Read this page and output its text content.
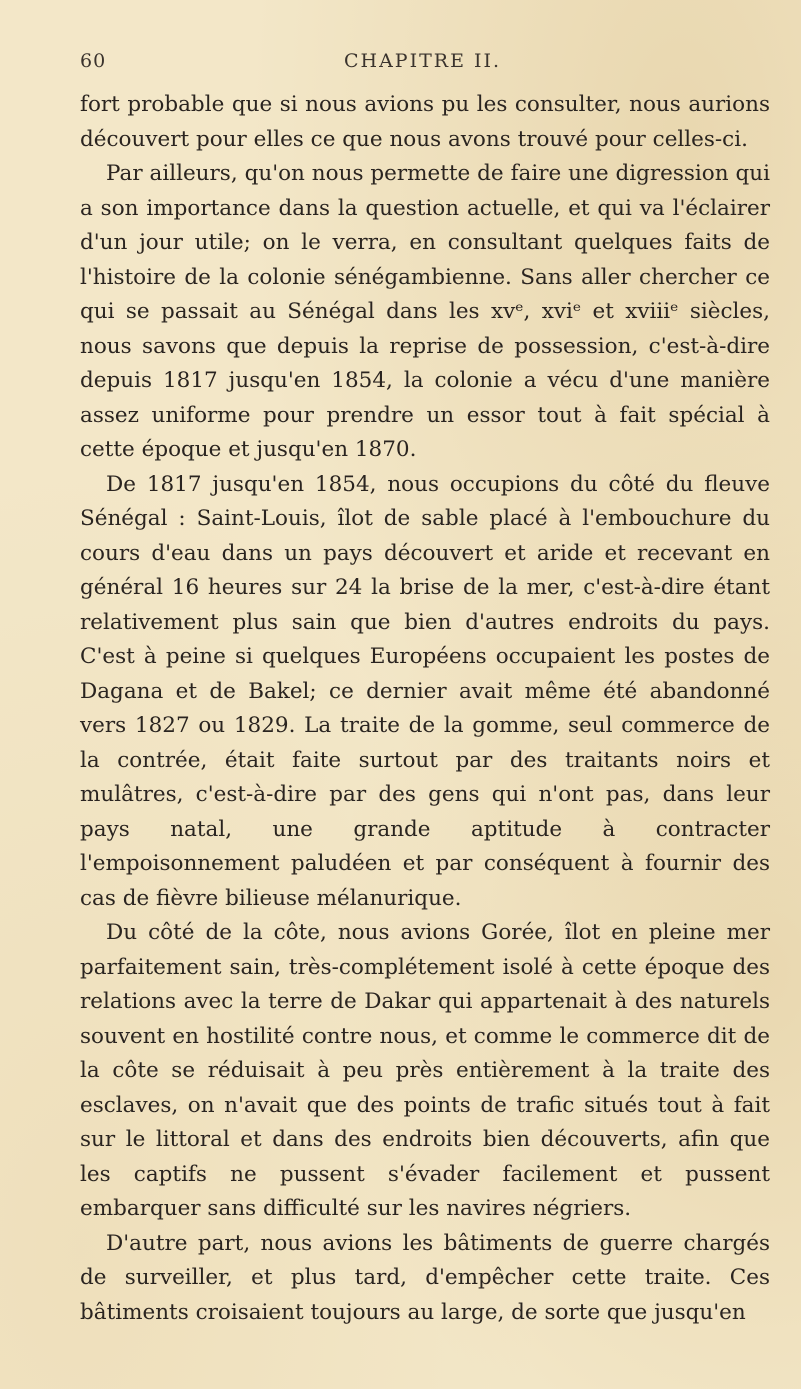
60	CHAPITRE II.

fort probable que si nous avions pu les consulter, nous aurions découvert pour elles ce que nous avons trouvé pour celles-ci.

Par ailleurs, qu'on nous permette de faire une digression qui a son importance dans la question actuelle, et qui va l'éclairer d'un jour utile; on le verra, en consultant quelques faits de l'histoire de la colonie sénégambienne. Sans aller chercher ce qui se passait au Sénégal dans les xvᵉ, xviᵉ et xviiiᵉ siècles, nous savons que depuis la reprise de possession, c'est-à-dire depuis 1817 jusqu'en 1854, la colonie a vécu d'une manière assez uniforme pour prendre un essor tout à fait spécial à cette époque et jusqu'en 1870.

De 1817 jusqu'en 1854, nous occupions du côté du fleuve Sénégal : Saint-Louis, îlot de sable placé à l'embouchure du cours d'eau dans un pays découvert et aride et recevant en général 16 heures sur 24 la brise de la mer, c'est-à-dire étant relativement plus sain que bien d'autres endroits du pays. C'est à peine si quelques Européens occupaient les postes de Dagana et de Bakel; ce dernier avait même été abandonné vers 1827 ou 1829. La traite de la gomme, seul commerce de la contrée, était faite surtout par des traitants noirs et mulâtres, c'est-à-dire par des gens qui n'ont pas, dans leur pays natal, une grande aptitude à contracter l'empoisonnement paludéen et par conséquent à fournir des cas de fièvre bilieuse mélanurique.

Du côté de la côte, nous avions Gorée, îlot en pleine mer parfaitement sain, très-complétement isolé à cette époque des relations avec la terre de Dakar qui appartenait à des naturels souvent en hostilité contre nous, et comme le commerce dit de la côte se réduisait à peu près entièrement à la traite des esclaves, on n'avait que des points de trafic situés tout à fait sur le littoral et dans des endroits bien découverts, afin que les captifs ne pussent s'évader facilement et pussent embarquer sans difficulté sur les navires négriers.

D'autre part, nous avions les bâtiments de guerre chargés de surveiller, et plus tard, d'empêcher cette traite. Ces bâtiments croisaient toujours au large, de sorte que jusqu'en
